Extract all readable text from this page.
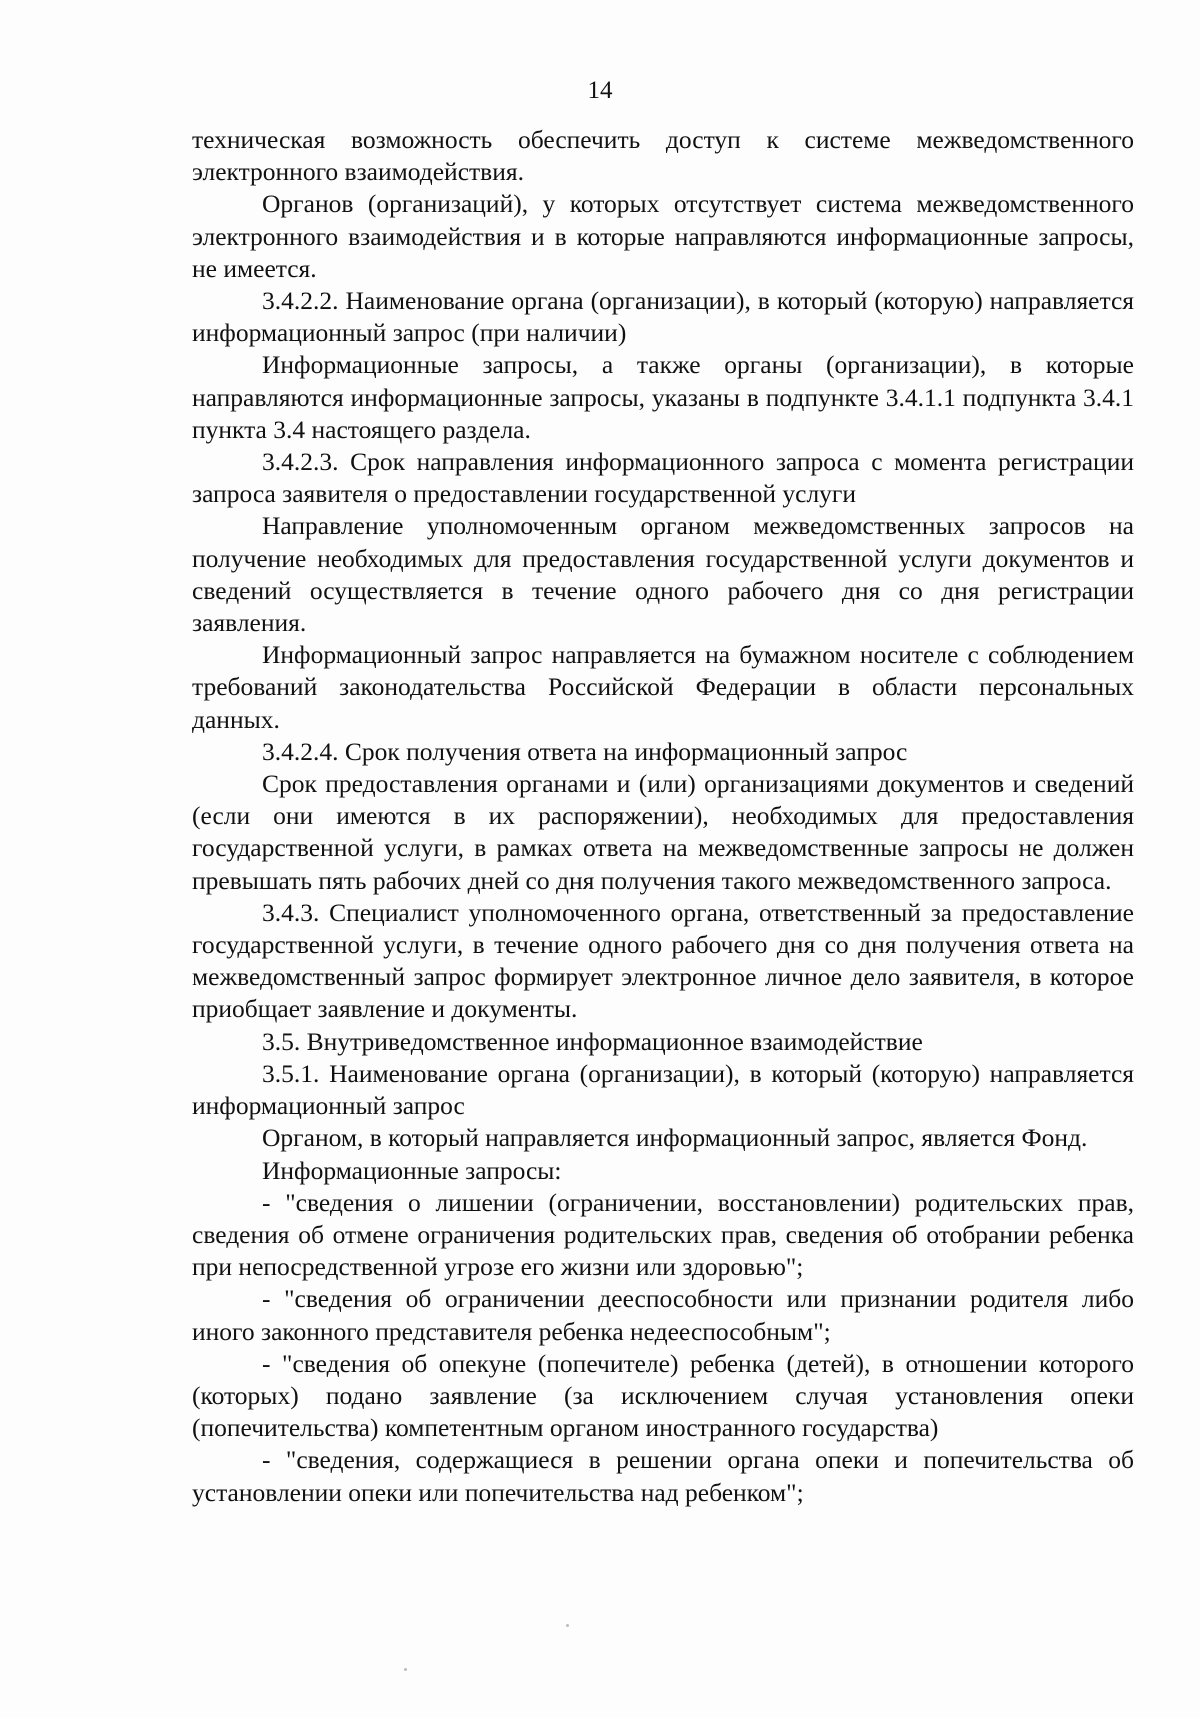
14

техническая возможность обеспечить доступ к системе межведомственного электронного взаимодействия.

Органов (организаций), у которых отсутствует система межведомственного электронного взаимодействия и в которые направляются информационные запросы, не имеется.

3.4.2.2. Наименование органа (организации), в который (которую) направляется информационный запрос (при наличии)

Информационные запросы, а также органы (организации), в которые направляются информационные запросы, указаны в подпункте 3.4.1.1 подпункта 3.4.1 пункта 3.4 настоящего раздела.

3.4.2.3. Срок направления информационного запроса с момента регистрации запроса заявителя о предоставлении государственной услуги

Направление уполномоченным органом межведомственных запросов на получение необходимых для предоставления государственной услуги документов и сведений осуществляется в течение одного рабочего дня со дня регистрации заявления.

Информационный запрос направляется на бумажном носителе с соблюдением требований законодательства Российской Федерации в области персональных данных.

3.4.2.4. Срок получения ответа на информационный запрос

Срок предоставления органами и (или) организациями документов и сведений (если они имеются в их распоряжении), необходимых для предоставления государственной услуги, в рамках ответа на межведомственные запросы не должен превышать пять рабочих дней со дня получения такого межведомственного запроса.

3.4.3. Специалист уполномоченного органа, ответственный за предоставление государственной услуги, в течение одного рабочего дня со дня получения ответа на межведомственный запрос формирует электронное личное дело заявителя, в которое приобщает заявление и документы.

3.5. Внутриведомственное информационное взаимодействие

3.5.1. Наименование органа (организации), в который (которую) направляется информационный запрос

Органом, в который направляется информационный запрос, является Фонд.

Информационные запросы:

- "сведения о лишении (ограничении, восстановлении) родительских прав, сведения об отмене ограничения родительских прав, сведения об отобрании ребенка при непосредственной угрозе его жизни или здоровью";

- "сведения об ограничении дееспособности или признании родителя либо иного законного представителя ребенка недееспособным";

- "сведения об опекуне (попечителе) ребенка (детей), в отношении которого (которых) подано заявление (за исключением случая установления опеки (попечительства) компетентным органом иностранного государства)

- "сведения, содержащиеся в решении органа опеки и попечительства об установлении опеки или попечительства над ребенком";
